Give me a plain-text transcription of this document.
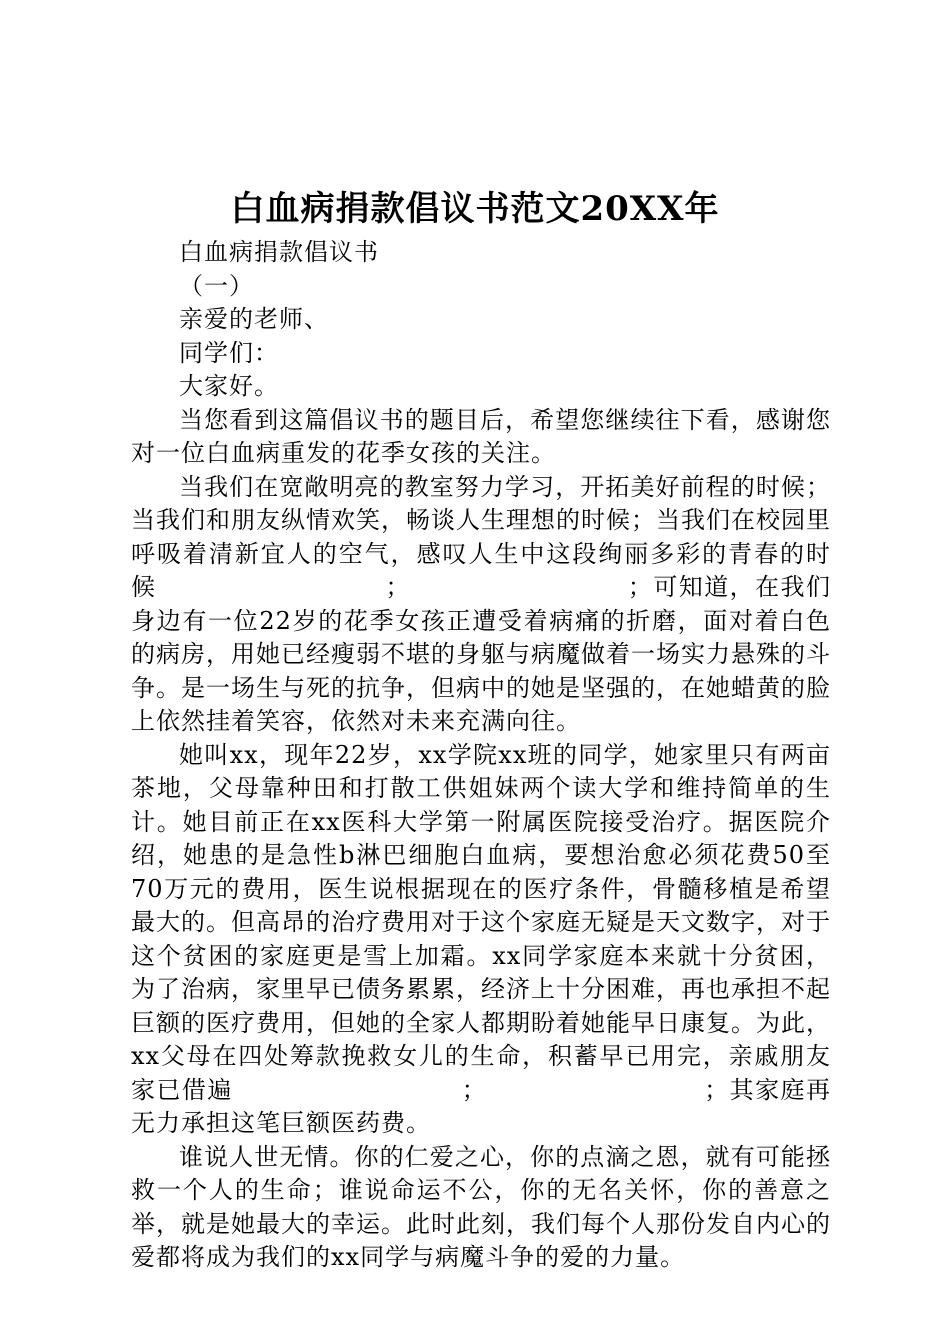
白血病捐款倡议书范文20XX年

白血病捐款倡议书

（一）

亲爱的老师、

同学们：

大家好。

当您看到这篇倡议书的题目后，希望您继续往下看，感谢您对一位白血病重发的花季女孩的关注。

当我们在宽敞明亮的教室努力学习，开拓美好前程的时候；当我们和朋友纵情欢笑，畅谈人生理想的时候；当我们在校园里呼吸着清新宜人的空气，感叹人生中这段绚丽多彩的青春的时候　　　　　　　　　；　　　　　　　　　；可知道，在我们身边有一位22岁的花季女孩正遭受着病痛的折磨，面对着白色的病房，用她已经瘦弱不堪的身躯与病魔做着一场实力悬殊的斗争。是一场生与死的抗争，但病中的她是坚强的，在她蜡黄的脸上依然挂着笑容，依然对未来充满向往。

她叫xx，现年22岁，xx学院xx班的同学，她家里只有两亩茶地，父母靠种田和打散工供姐妹两个读大学和维持简单的生计。她目前正在xx医科大学第一附属医院接受治疗。据医院介绍，她患的是急性b淋巴细胞白血病，要想治愈必须花费50至70万元的费用，医生说根据现在的医疗条件，骨髓移植是希望最大的。但高昂的治疗费用对于这个家庭无疑是天文数字，对于这个贫困的家庭更是雪上加霜。xx同学家庭本来就十分贫困，为了治病，家里早已债务累累，经济上十分困难，再也承担不起巨额的医疗费用，但她的全家人都期盼着她能早日康复。为此，xx父母在四处筹款挽救女儿的生命，积蓄早已用完，亲戚朋友家已借遍　　　　　　　　　；　　　　　　　　　；其家庭再无力承担这笔巨额医药费。

谁说人世无情。你的仁爱之心，你的点滴之恩，就有可能拯救一个人的生命；谁说命运不公，你的无名关怀，你的善意之举，就是她最大的幸运。此时此刻，我们每个人那份发自内心的爱都将成为我们的xx同学与病魔斗争的爱的力量。
